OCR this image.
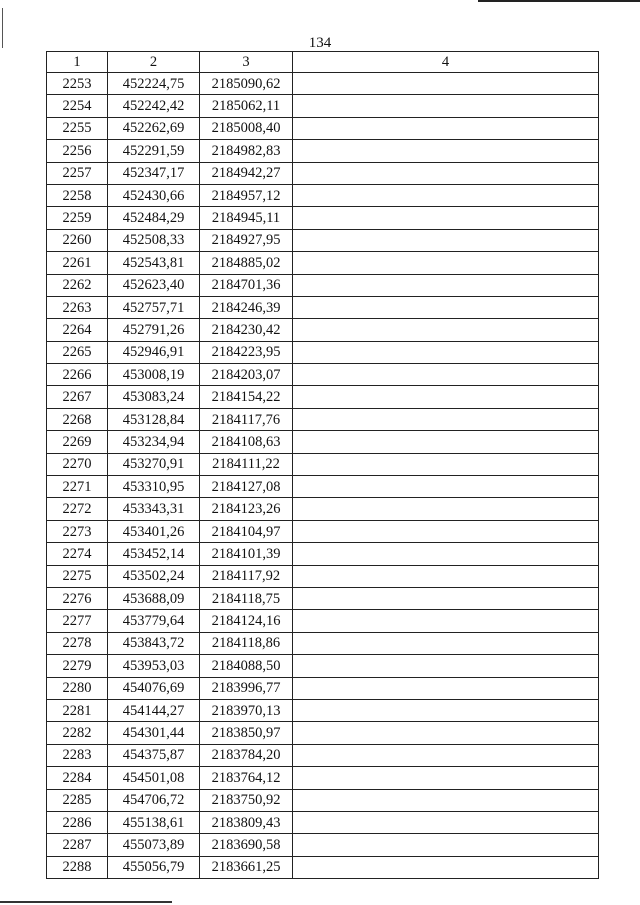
134
1	2	3	4
2253	452224,75	2185090,62	
2254	452242,42	2185062,11	
2255	452262,69	2185008,40	
2256	452291,59	2184982,83	
2257	452347,17	2184942,27	
2258	452430,66	2184957,12	
2259	452484,29	2184945,11	
2260	452508,33	2184927,95	
2261	452543,81	2184885,02	
2262	452623,40	2184701,36	
2263	452757,71	2184246,39	
2264	452791,26	2184230,42	
2265	452946,91	2184223,95	
2266	453008,19	2184203,07	
2267	453083,24	2184154,22	
2268	453128,84	2184117,76	
2269	453234,94	2184108,63	
2270	453270,91	2184111,22	
2271	453310,95	2184127,08	
2272	453343,31	2184123,26	
2273	453401,26	2184104,97	
2274	453452,14	2184101,39	
2275	453502,24	2184117,92	
2276	453688,09	2184118,75	
2277	453779,64	2184124,16	
2278	453843,72	2184118,86	
2279	453953,03	2184088,50	
2280	454076,69	2183996,77	
2281	454144,27	2183970,13	
2282	454301,44	2183850,97	
2283	454375,87	2183784,20	
2284	454501,08	2183764,12	
2285	454706,72	2183750,92	
2286	455138,61	2183809,43	
2287	455073,89	2183690,58	
2288	455056,79	2183661,25	
